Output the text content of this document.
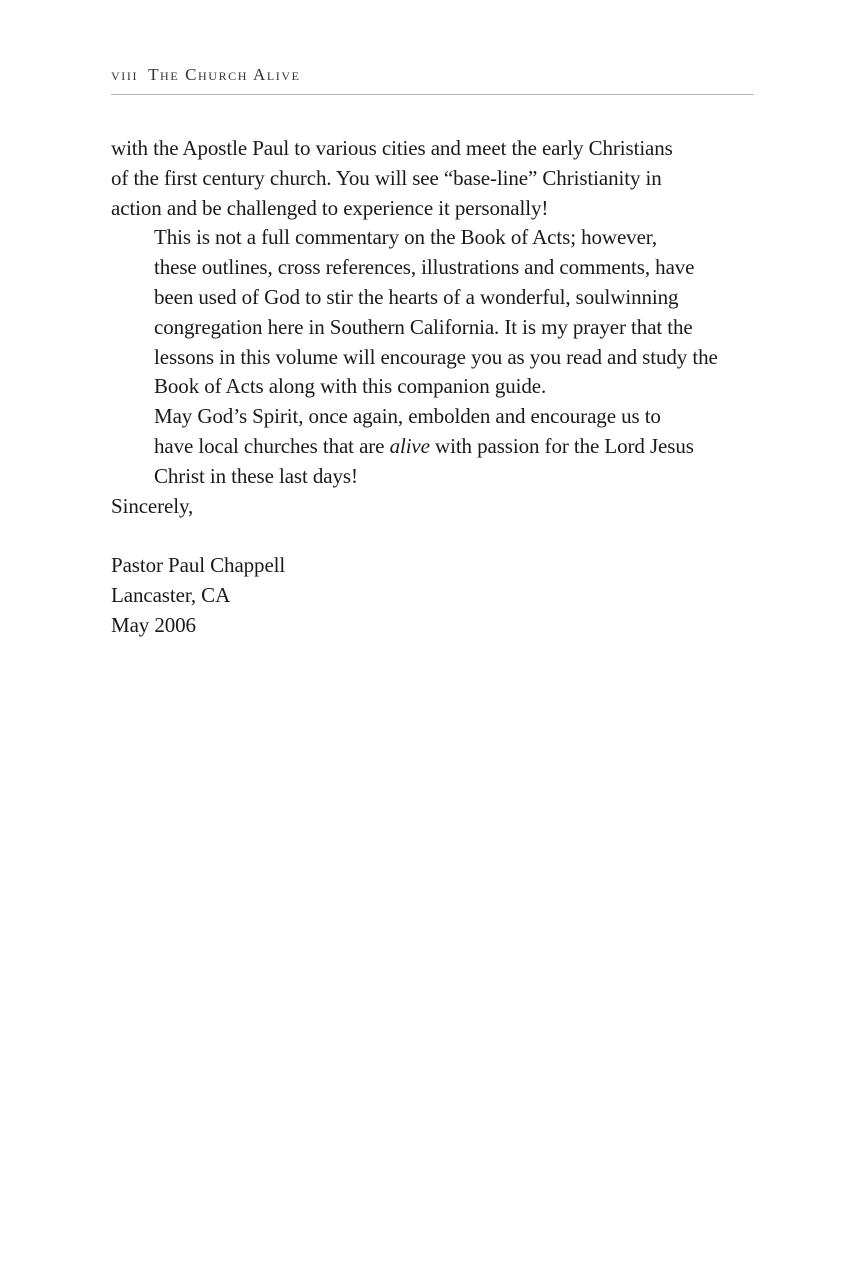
viii The Church Alive

with the Apostle Paul to various cities and meet the early Christians
of the first century church. You will see “base-line” Christianity in
action and be challenged to experience it personally!

This is not a full commentary on the Book of Acts; however,
these outlines, cross references, illustrations and comments, have
been used of God to stir the hearts of a wonderful, soulwinning
congregation here in Southern California. It is my prayer that the
lessons in this volume will encourage you as you read and study the
Book of Acts along with this companion guide.

May God’s Spirit, once again, embolden and encourage us to
have local churches that are alive with passion for the Lord Jesus
Christ in these last days!

Sincerely,

Pastor Paul Chappell
Lancaster, CA
May 2006
